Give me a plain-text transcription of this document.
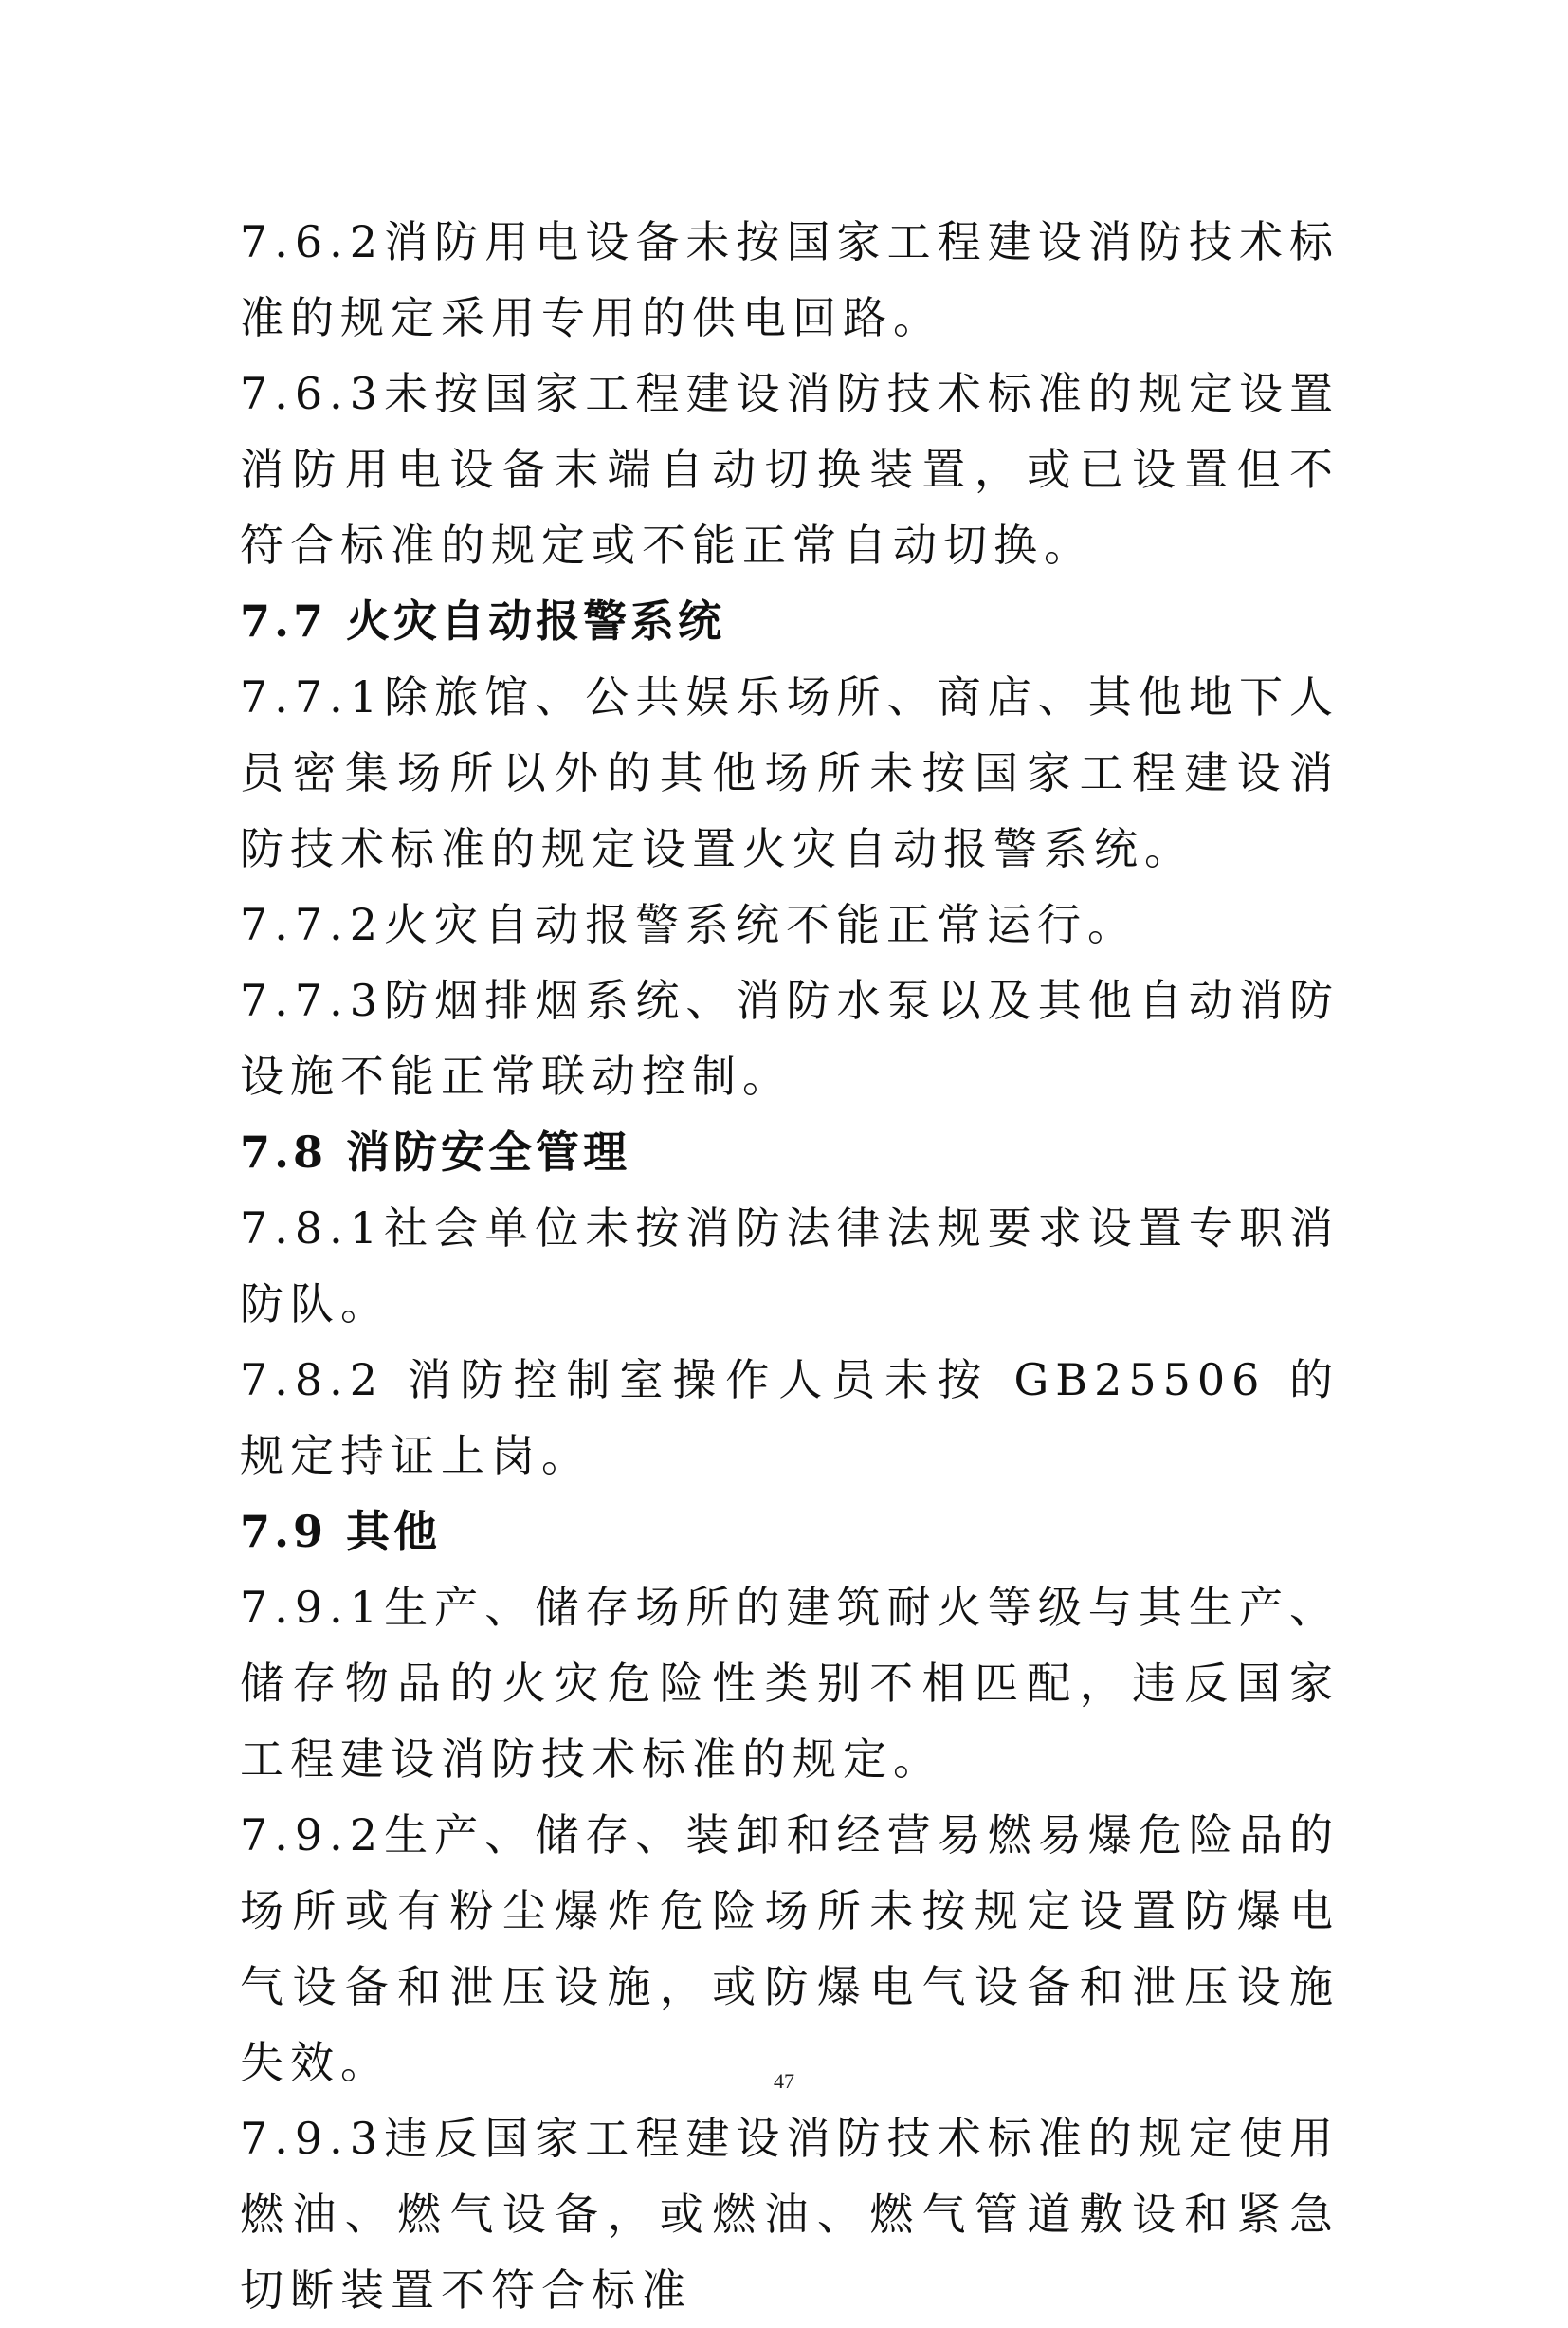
7.6.2消防用电设备未按国家工程建设消防技术标准的规定采用专用的供电回路。

7.6.3未按国家工程建设消防技术标准的规定设置消防用电设备末端自动切换装置，或已设置但不符合标准的规定或不能正常自动切换。

7.7 火灾自动报警系统

7.7.1除旅馆、公共娱乐场所、商店、其他地下人员密集场所以外的其他场所未按国家工程建设消防技术标准的规定设置火灾自动报警系统。

7.7.2火灾自动报警系统不能正常运行。

7.7.3防烟排烟系统、消防水泵以及其他自动消防设施不能正常联动控制。

7.8 消防安全管理

7.8.1社会单位未按消防法律法规要求设置专职消防队。

7.8.2 消防控制室操作人员未按 GB25506 的规定持证上岗。

7.9 其他

7.9.1生产、储存场所的建筑耐火等级与其生产、储存物品的火灾危险性类别不相匹配，违反国家工程建设消防技术标准的规定。

7.9.2生产、储存、装卸和经营易燃易爆危险品的场所或有粉尘爆炸危险场所未按规定设置防爆电气设备和泄压设施，或防爆电气设备和泄压设施失效。

7.9.3违反国家工程建设消防技术标准的规定使用燃油、燃气设备，或燃油、燃气管道敷设和紧急切断装置不符合标准

47
